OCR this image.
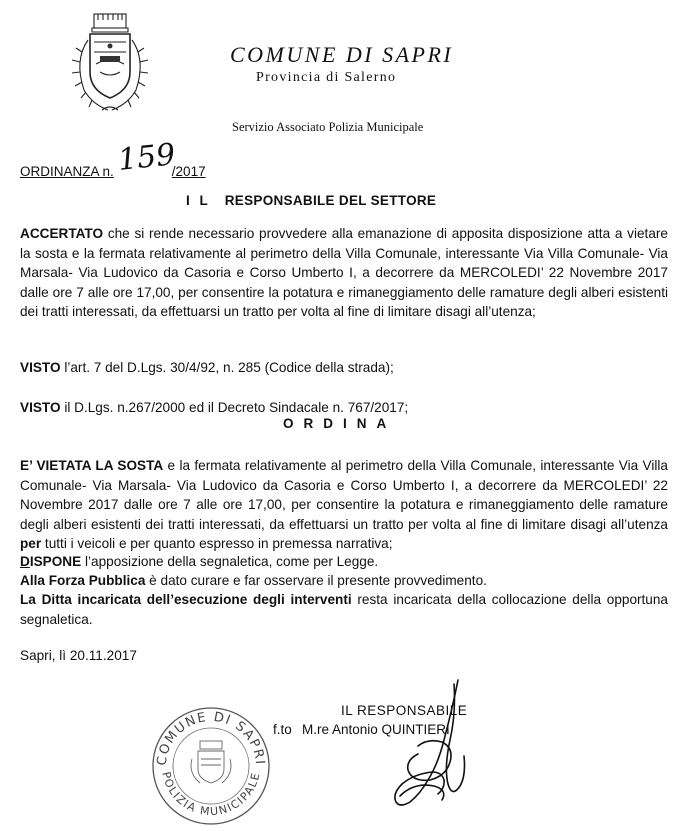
COMUNE DI SAPRI
Provincia di Salerno
Servizio Associato Polizia Municipale
ORDINANZA n.	/2017
159
I L RESPONSABILE DEL SETTORE
ACCERTATO che si rende necessario provvedere alla emanazione di apposita disposizione atta a vietare la sosta e la fermata relativamente al perimetro della Villa Comunale, interessante Via Villa Comunale- Via Marsala- Via Ludovico da Casoria e Corso Umberto I, a decorrere da MERCOLEDI’ 22 Novembre 2017 dalle ore 7 alle ore 17,00, per consentire la potatura e rimaneggiamento delle ramature degli alberi esistenti dei tratti interessati, da effettuarsi un tratto per volta al fine di limitare disagi all’utenza;
VISTO l’art. 7 del D.Lgs. 30/4/92, n. 285 (Codice della strada);
VISTO il D.Lgs. n.267/2000 ed il Decreto Sindacale n. 767/2017;
ORDINA
E’ VIETATA LA SOSTA e la fermata relativamente al perimetro della Villa Comunale, interessante Via Villa Comunale- Via Marsala- Via Ludovico da Casoria e Corso Umberto I, a decorrere da MERCOLEDI’ 22 Novembre 2017 dalle ore 7 alle ore 17,00, per consentire la potatura e rimaneggiamento delle ramature degli alberi esistenti dei tratti interessati, da effettuarsi un tratto per volta al fine di limitare disagi all’utenza per tutti i veicoli e per quanto espresso in premessa narrativa;
DISPONE l’apposizione della segnaletica, come per Legge.
Alla Forza Pubblica è dato curare e far osservare il presente provvedimento.
La Ditta incaricata dell’esecuzione degli interventi resta incaricata della collocazione della opportuna segnaletica.
Sapri, lì 20.11.2017
COMUNE DI SAPRI
POLIZIA MUNICIPALE
f.to
IL RESPONSABILE
M.re Antonio QUINTIERI
